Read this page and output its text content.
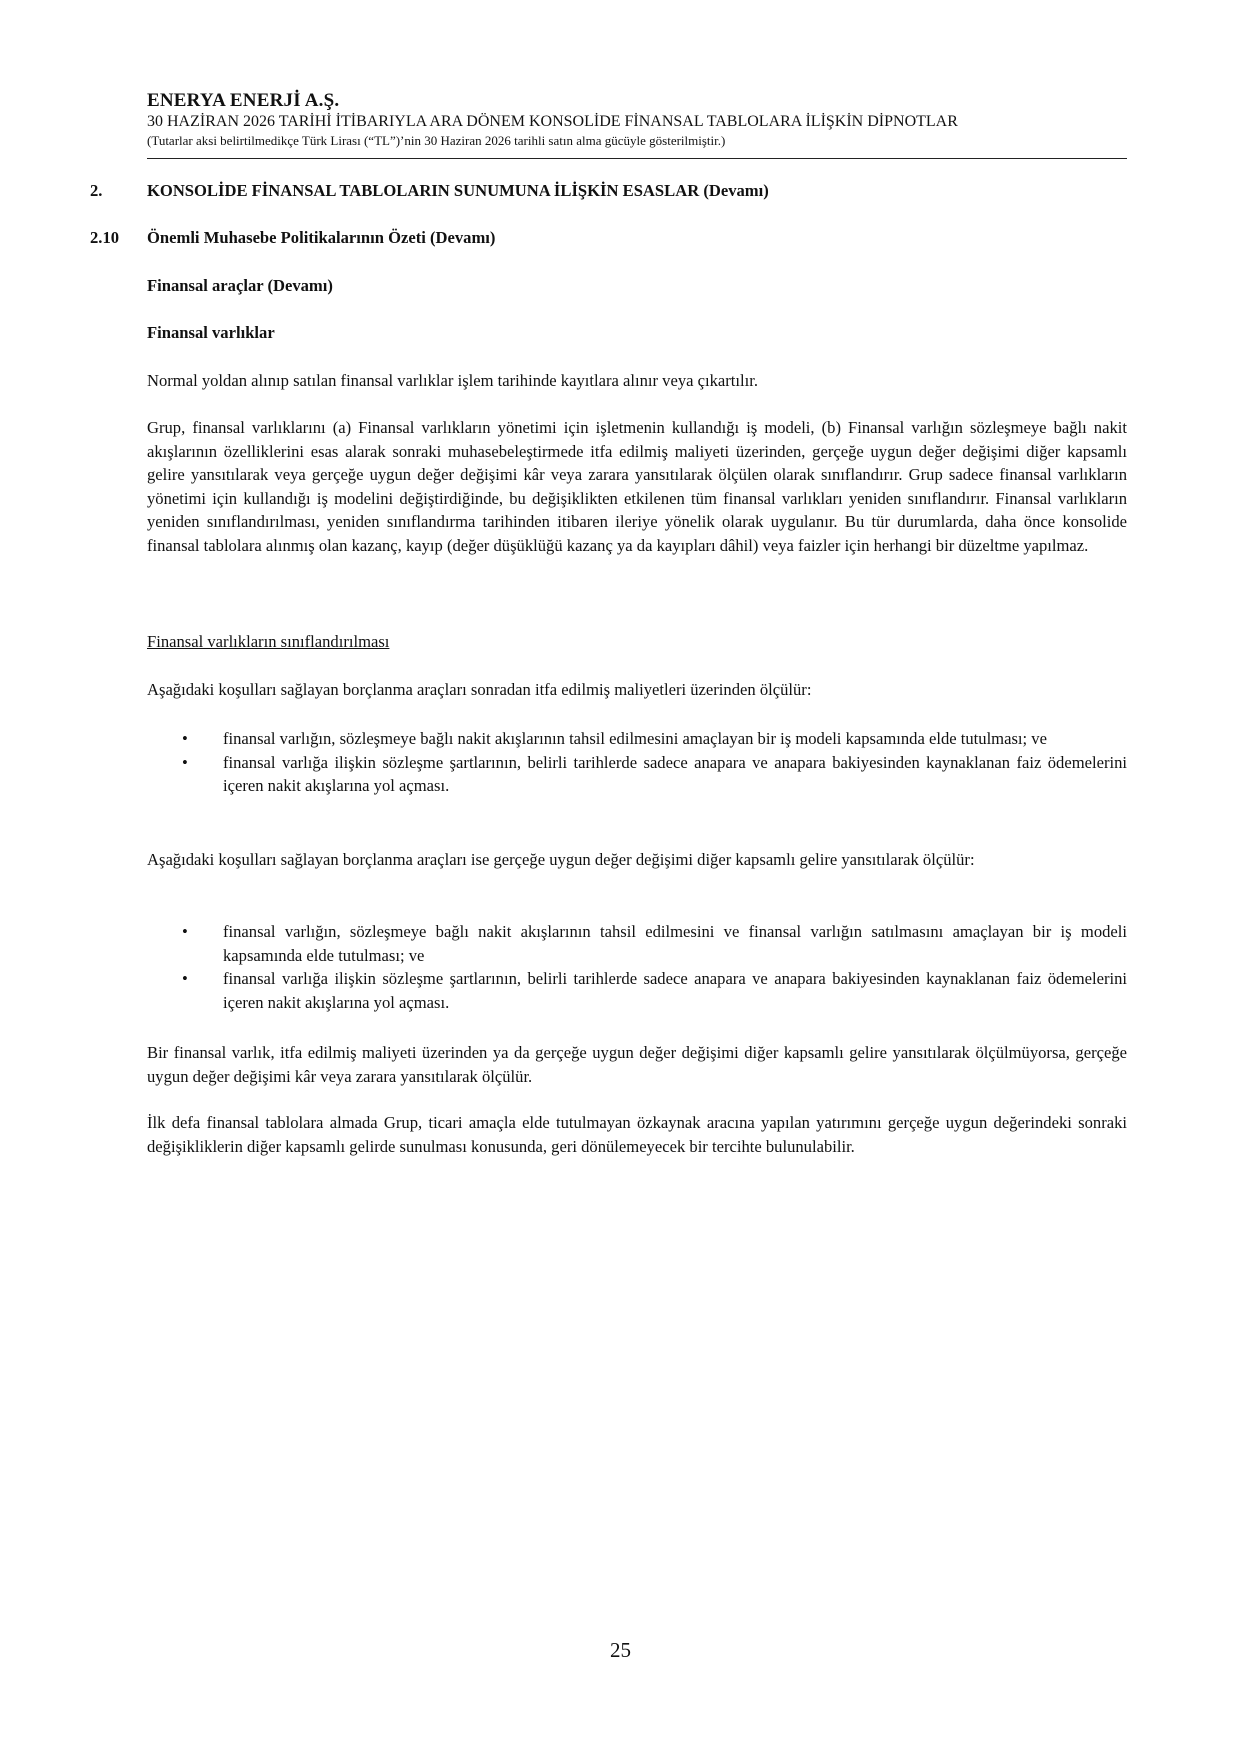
ENERYA ENERJİ A.Ş.
30 HAZİRAN 2026 TARİHİ İTİBARIYLA ARA DÖNEM KONSOLİDE FİNANSAL TABLOLARA İLİŞKİN DİPNOTLAR
(Tutarlar aksi belirtilmedikçe Türk Lirası (“TL”)’nin 30 Haziran 2026 tarihli satın alma gücüyle gösterilmiştir.)
2.	KONSOLİDE FİNANSAL TABLOLARIN SUNUMUNA İLİŞKİN ESASLAR (Devamı)
2.10 Önemli Muhasebe Politikalarının Özeti (Devamı)
Finansal araçlar (Devamı)
Finansal varlıklar
Normal yoldan alınıp satılan finansal varlıklar işlem tarihinde kayıtlara alınır veya çıkartılır.
Grup, finansal varlıklarını (a) Finansal varlıkların yönetimi için işletmenin kullandığı iş modeli, (b) Finansal varlığın sözleşmeye bağlı nakit akışlarının özelliklerini esas alarak sonraki muhasebeleştirmede itfa edilmiş maliyeti üzerinden, gerçeğe uygun değer değişimi diğer kapsamlı gelire yansıtılarak veya gerçeğe uygun değer değişimi kâr veya zarara yansıtılarak ölçülen olarak sınıflandırır. Grup sadece finansal varlıkların yönetimi için kullandığı iş modelini değiştirdiğinde, bu değişiklikten etkilenen tüm finansal varlıkları yeniden sınıflandırır. Finansal varlıkların yeniden sınıflandırılması, yeniden sınıflandırma tarihinden itibaren ileriye yönelik olarak uygulanır. Bu tür durumlarda, daha önce konsolide finansal tablolara alınmış olan kazanç, kayıp (değer düşüklüğü kazanç ya da kayıpları dâhil) veya faizler için herhangi bir düzeltme yapılmaz.
Finansal varlıkların sınıflandırılması
Aşağıdaki koşulları sağlayan borçlanma araçları sonradan itfa edilmiş maliyetleri üzerinden ölçülür:
• finansal varlığın, sözleşmeye bağlı nakit akışlarının tahsil edilmesini amaçlayan bir iş modeli kapsamında elde tutulması; ve
• finansal varlığa ilişkin sözleşme şartlarının, belirli tarihlerde sadece anapara ve anapara bakiyesinden kaynaklanan faiz ödemelerini içeren nakit akışlarına yol açması.
Aşağıdaki koşulları sağlayan borçlanma araçları ise gerçeğe uygun değer değişimi diğer kapsamlı gelire yansıtılarak ölçülür:
• finansal varlığın, sözleşmeye bağlı nakit akışlarının tahsil edilmesini ve finansal varlığın satılmasını amaçlayan bir iş modeli kapsamında elde tutulması; ve
• finansal varlığa ilişkin sözleşme şartlarının, belirli tarihlerde sadece anapara ve anapara bakiyesinden kaynaklanan faiz ödemelerini içeren nakit akışlarına yol açması.
Bir finansal varlık, itfa edilmiş maliyeti üzerinden ya da gerçeğe uygun değer değişimi diğer kapsamlı gelire yansıtılarak ölçülmüyorsa, gerçeğe uygun değer değişimi kâr veya zarara yansıtılarak ölçülür.
İlk defa finansal tablolara almada Grup, ticari amaçla elde tutulmayan özkaynak aracına yapılan yatırımını gerçeğe uygun değerindeki sonraki değişikliklerin diğer kapsamlı gelirde sunulması konusunda, geri dönülemeyecek bir tercihte bulunulabilir.
25
